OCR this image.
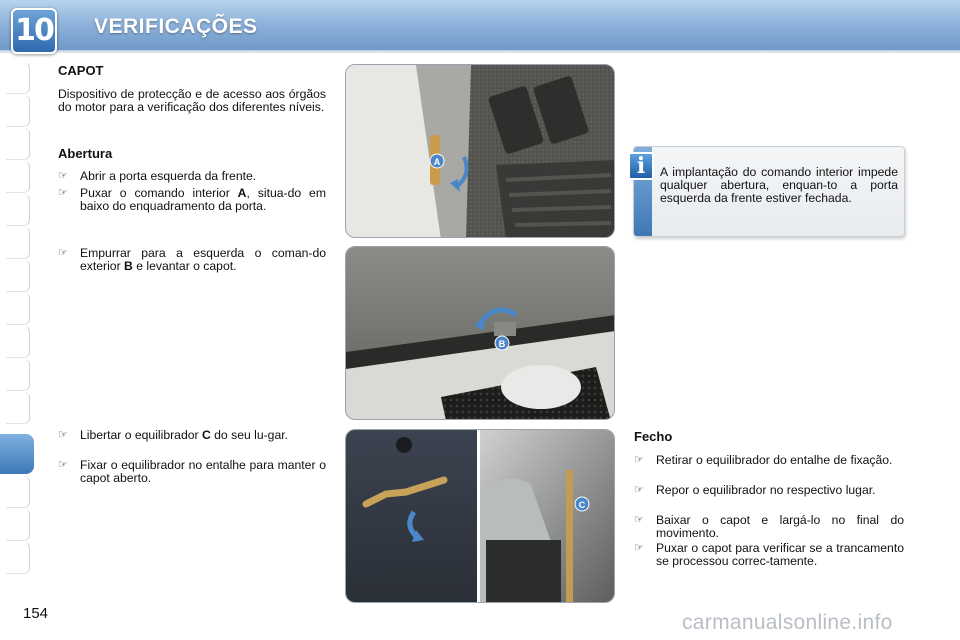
10 VERIFICAÇÕES
CAPOT
Dispositivo de protecção e de acesso aos órgãos do motor para a verificação dos diferentes níveis.
Abertura
☞ Abrir a porta esquerda da frente.
☞ Puxar o comando interior A, situa-do em baixo do enquadramento da porta.
☞ Empurrar para a esquerda o coman-do exterior B e levantar o capot.
☞ Libertar o equilibrador C do seu lu-gar.
☞ Fixar o equilibrador no entalhe para manter o capot aberto.
A
B
C
A implantação do comando interior impede qualquer abertura, enquan-to a porta esquerda da frente estiver fechada.
i
Fecho
☞ Retirar o equilibrador do entalhe de fixação.
☞ Repor o equilibrador no respectivo lugar.
☞ Baixar o capot e largá-lo no final do movimento.
☞ Puxar o capot para verificar se a trancamento se processou correc-tamente.
154	carmanualsonline.info
